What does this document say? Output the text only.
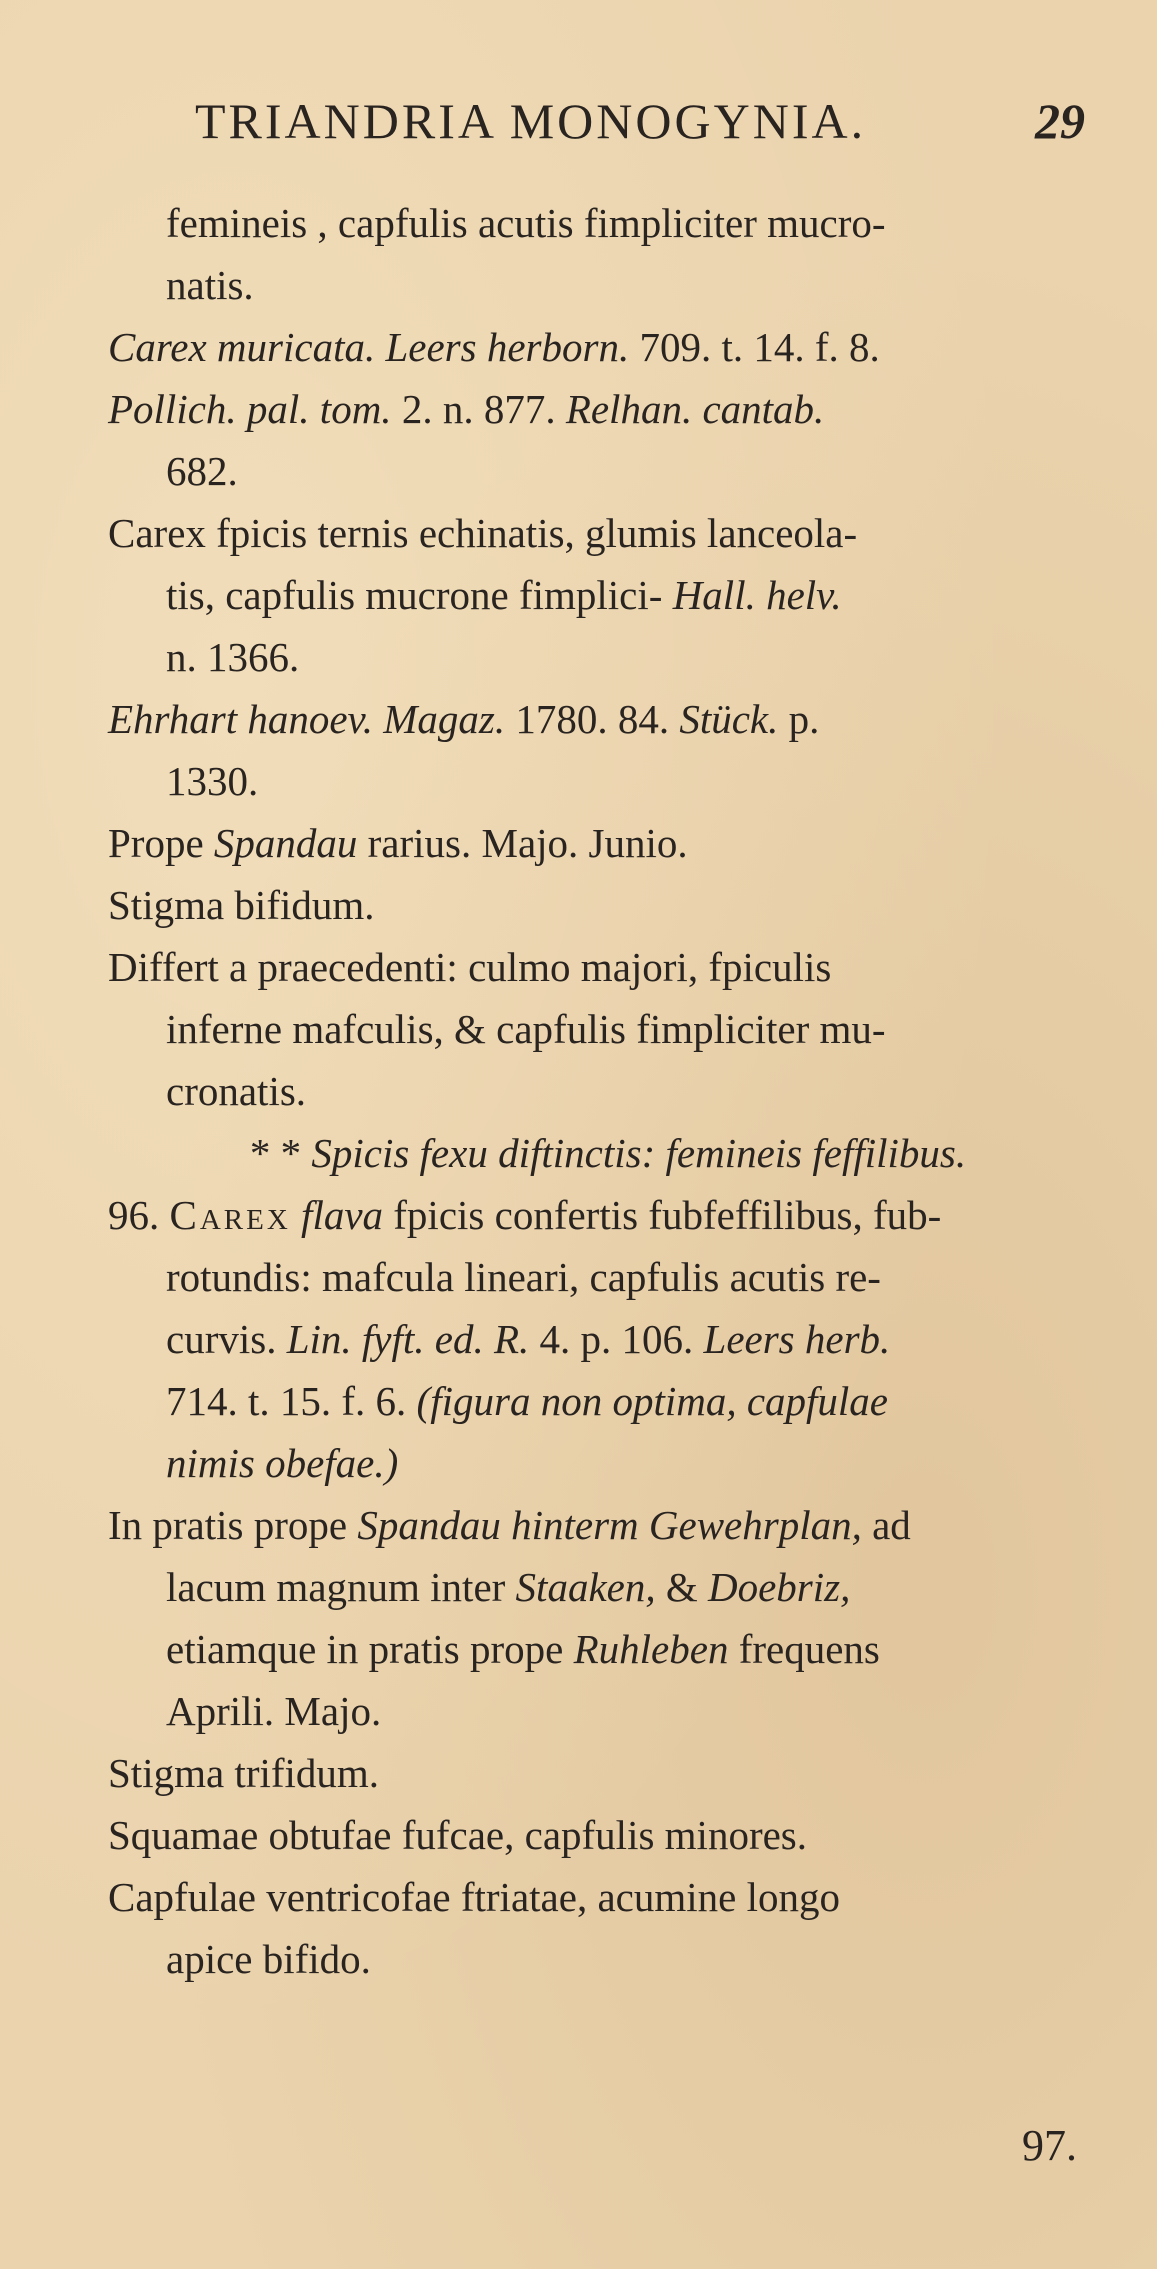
TRIANDRIA MONOGYNIA.	29
femineis , capfulis acutis fimpliciter mucro-
natis.
Carex muricata. Leers herborn. 709. t. 14. f. 8.
Pollich. pal. tom. 2. n. 877. Relhan. cantab.
682.
Carex fpicis ternis echinatis, glumis lanceola-
tis, capfulis mucrone fimplici- Hall. helv.
n. 1366.
Ehrhart hanoev. Magaz. 1780. 84. Stück. p.
1330.
Prope Spandau rarius. Majo. Junio.
Stigma bifidum.
Differt a praecedenti: culmo majori, fpiculis
inferne mafculis, & capfulis fimpliciter mu-
cronatis.
* * Spicis fexu diftinctis: femineis feffilibus.
96. Carex flava fpicis confertis fubfeffilibus, fub-
rotundis: mafcula lineari, capfulis acutis re-
curvis. Lin. fyft. ed. R. 4. p. 106. Leers herb.
714. t. 15. f. 6. (figura non optima, capfulae
nimis obefae.)
In pratis prope Spandau hinterm Gewehrplan, ad
lacum magnum inter Staaken, & Doebriz,
etiamque in pratis prope Ruhleben frequens
Aprili. Majo.
Stigma trifidum.
Squamae obtufae fufcae, capfulis minores.
Capfulae ventricofae ftriatae, acumine longo
apice bifido.
97.
